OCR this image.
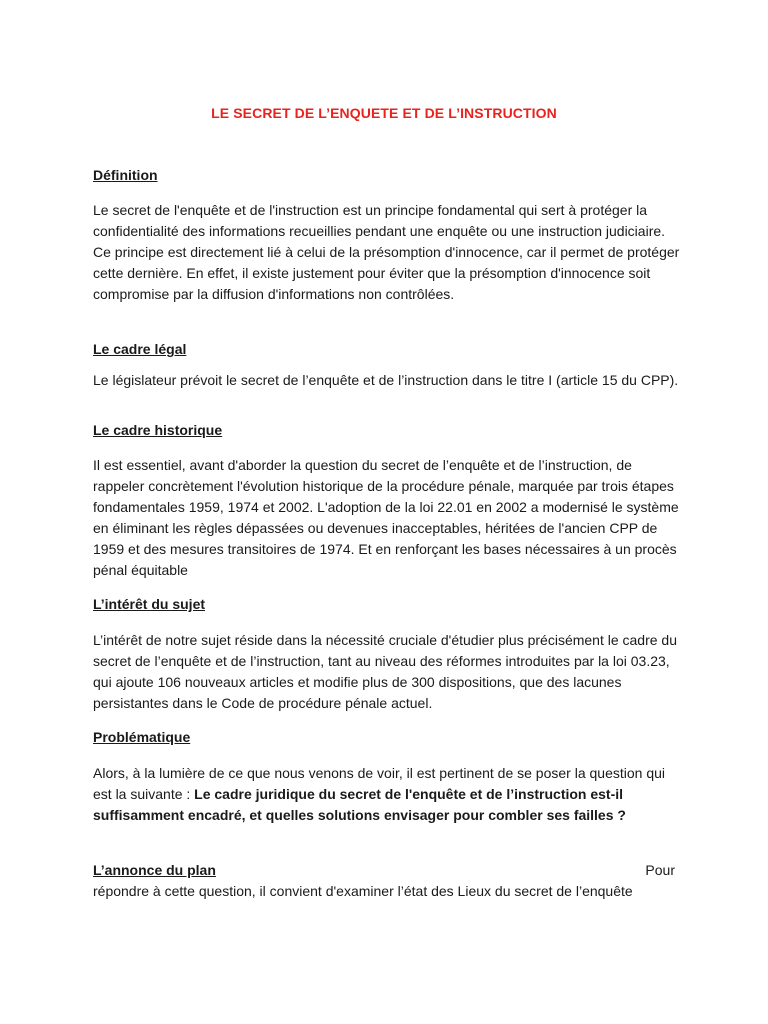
LE SECRET DE L’ENQUETE ET DE L’INSTRUCTION

Définition

Le secret de l'enquête et de l'instruction est un principe fondamental qui sert à protéger la confidentialité des informations recueillies pendant une enquête ou une instruction judiciaire. Ce principe est directement lié à celui de la présomption d'innocence, car il permet de protéger cette dernière. En effet, il existe justement pour éviter que la présomption d'innocence soit compromise par la diffusion d'informations non contrôlées.

Le cadre légal

Le législateur prévoit le secret de l’enquête et de l’instruction dans le titre I (article 15 du CPP).

Le cadre historique

Il est essentiel, avant d'aborder la question du secret de l’enquête et de l’instruction, de rappeler concrètement l'évolution historique de la procédure pénale, marquée par trois étapes fondamentales 1959, 1974 et 2002. L'adoption de la loi 22.01 en 2002 a modernisé le système en éliminant les règles dépassées ou devenues inacceptables, héritées de l'ancien CPP de 1959 et des mesures transitoires de 1974. Et en renforçant les bases nécessaires à un procès pénal équitable

L’intérêt du sujet

L’intérêt de notre sujet réside dans la nécessité cruciale d'étudier plus précisément le cadre du secret de l’enquête et de l’instruction, tant au niveau des réformes introduites par la loi 03.23, qui ajoute 106 nouveaux articles et modifie plus de 300 dispositions, que des lacunes persistantes dans le Code de procédure pénale actuel.

Problématique

Alors, à la lumière de ce que nous venons de voir, il est pertinent de se poser la question qui est la suivante : Le cadre juridique du secret de l'enquête et de l’instruction est-il suffisamment encadré, et quelles solutions envisager pour combler ses failles ?

L’annonce du plan	Pour

répondre à cette question, il convient d'examiner l’état des Lieux du secret de l’enquête
